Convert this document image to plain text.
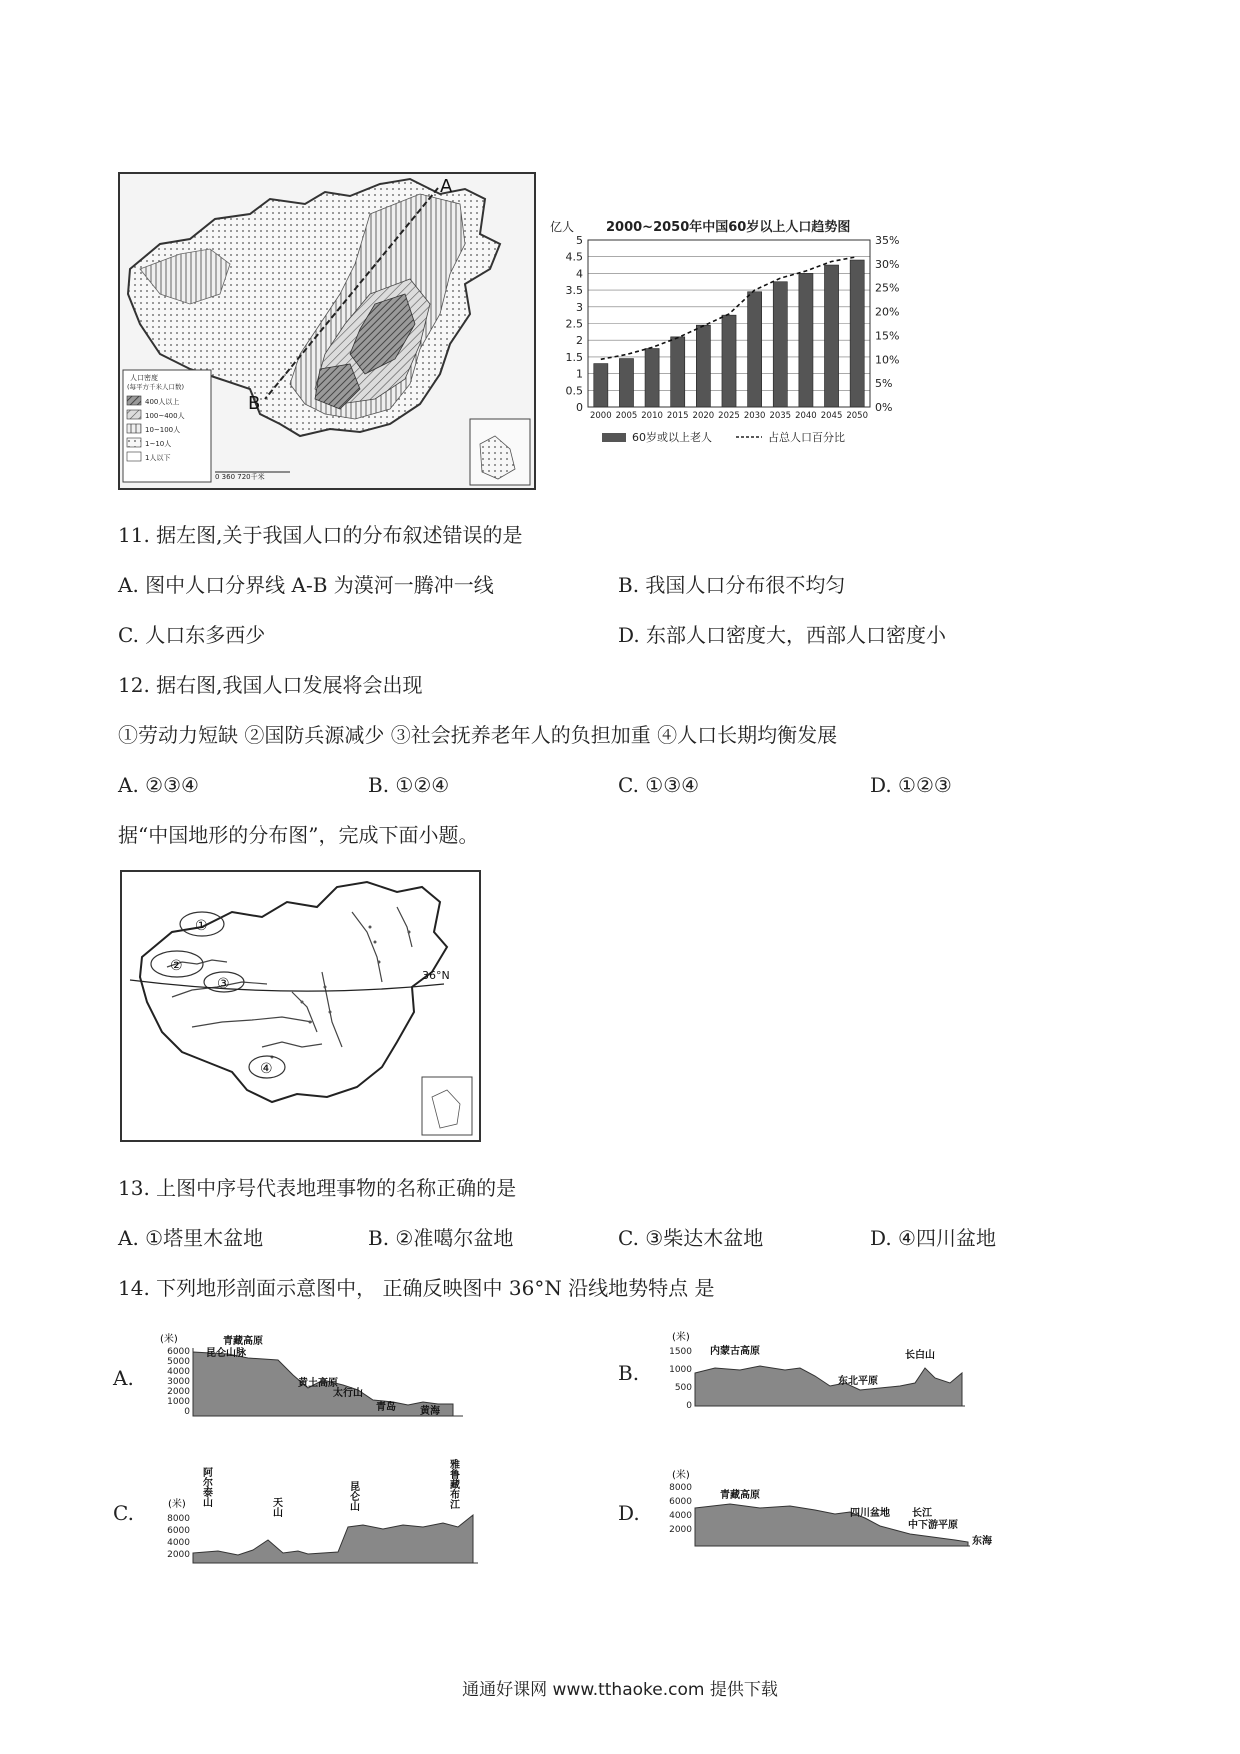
A
B
人口密度
(每平方千米人口数)
400人以上
100~400人
10~100人
1~10人
1人以下
0 360 720千米
2000~2050年中国60岁以上人口趋势图
亿人
0
0.5
1
1.5
2
2.5
3
3.5
4
4.5
5
0%
5%
10%
15%
20%
25%
30%
35%
2000 2005 2010 2015 2020 2025 2030 2035 2040 2045 2050
60岁或以上老人	占总人口百分比
11. 据左图,关于我国人口的分布叙述错误的是
A. 图中人口分界线 A-B 为漠河一腾冲一线	B. 我国人口分布很不均匀
C. 人口东多西少	D. 东部人口密度大，西部人口密度小
12. 据右图,我国人口发展将会出现
①劳动力短缺 ②国防兵源减少 ③社会抚养老年人的负担加重 ④人口长期均衡发展
A. ②③④	B. ①②④	C. ①③④	D. ①②③
据“中国地形的分布图”，完成下面小题。
①
②
③
④
36°N
13. 上图中序号代表地理事物的名称正确的是
A. ①塔里木盆地	B. ②准噶尔盆地	C. ③柴达木盆地	D. ④四川盆地
14. 下列地形剖面示意图中， 正确反映图中 36°N 沿线地势特点 是
A.
(米)
6000
5000
4000
3000
2000
1000
0
青藏高原
昆仑山脉
黄土高原
太行山
青岛 黄海
B.
(米)
1500
1000
500
0
内蒙古高原
东北平原
长白山
C.	(米)
8000
6000
4000
2000
阿尔泰山	天山	昆仑山	雅鲁藏布江
D.
(米)
8000
6000
4000
2000
青藏高原
四川盆地 长江
中下游平原
东海
通通好课网 www.tthaoke.com 提供下载
